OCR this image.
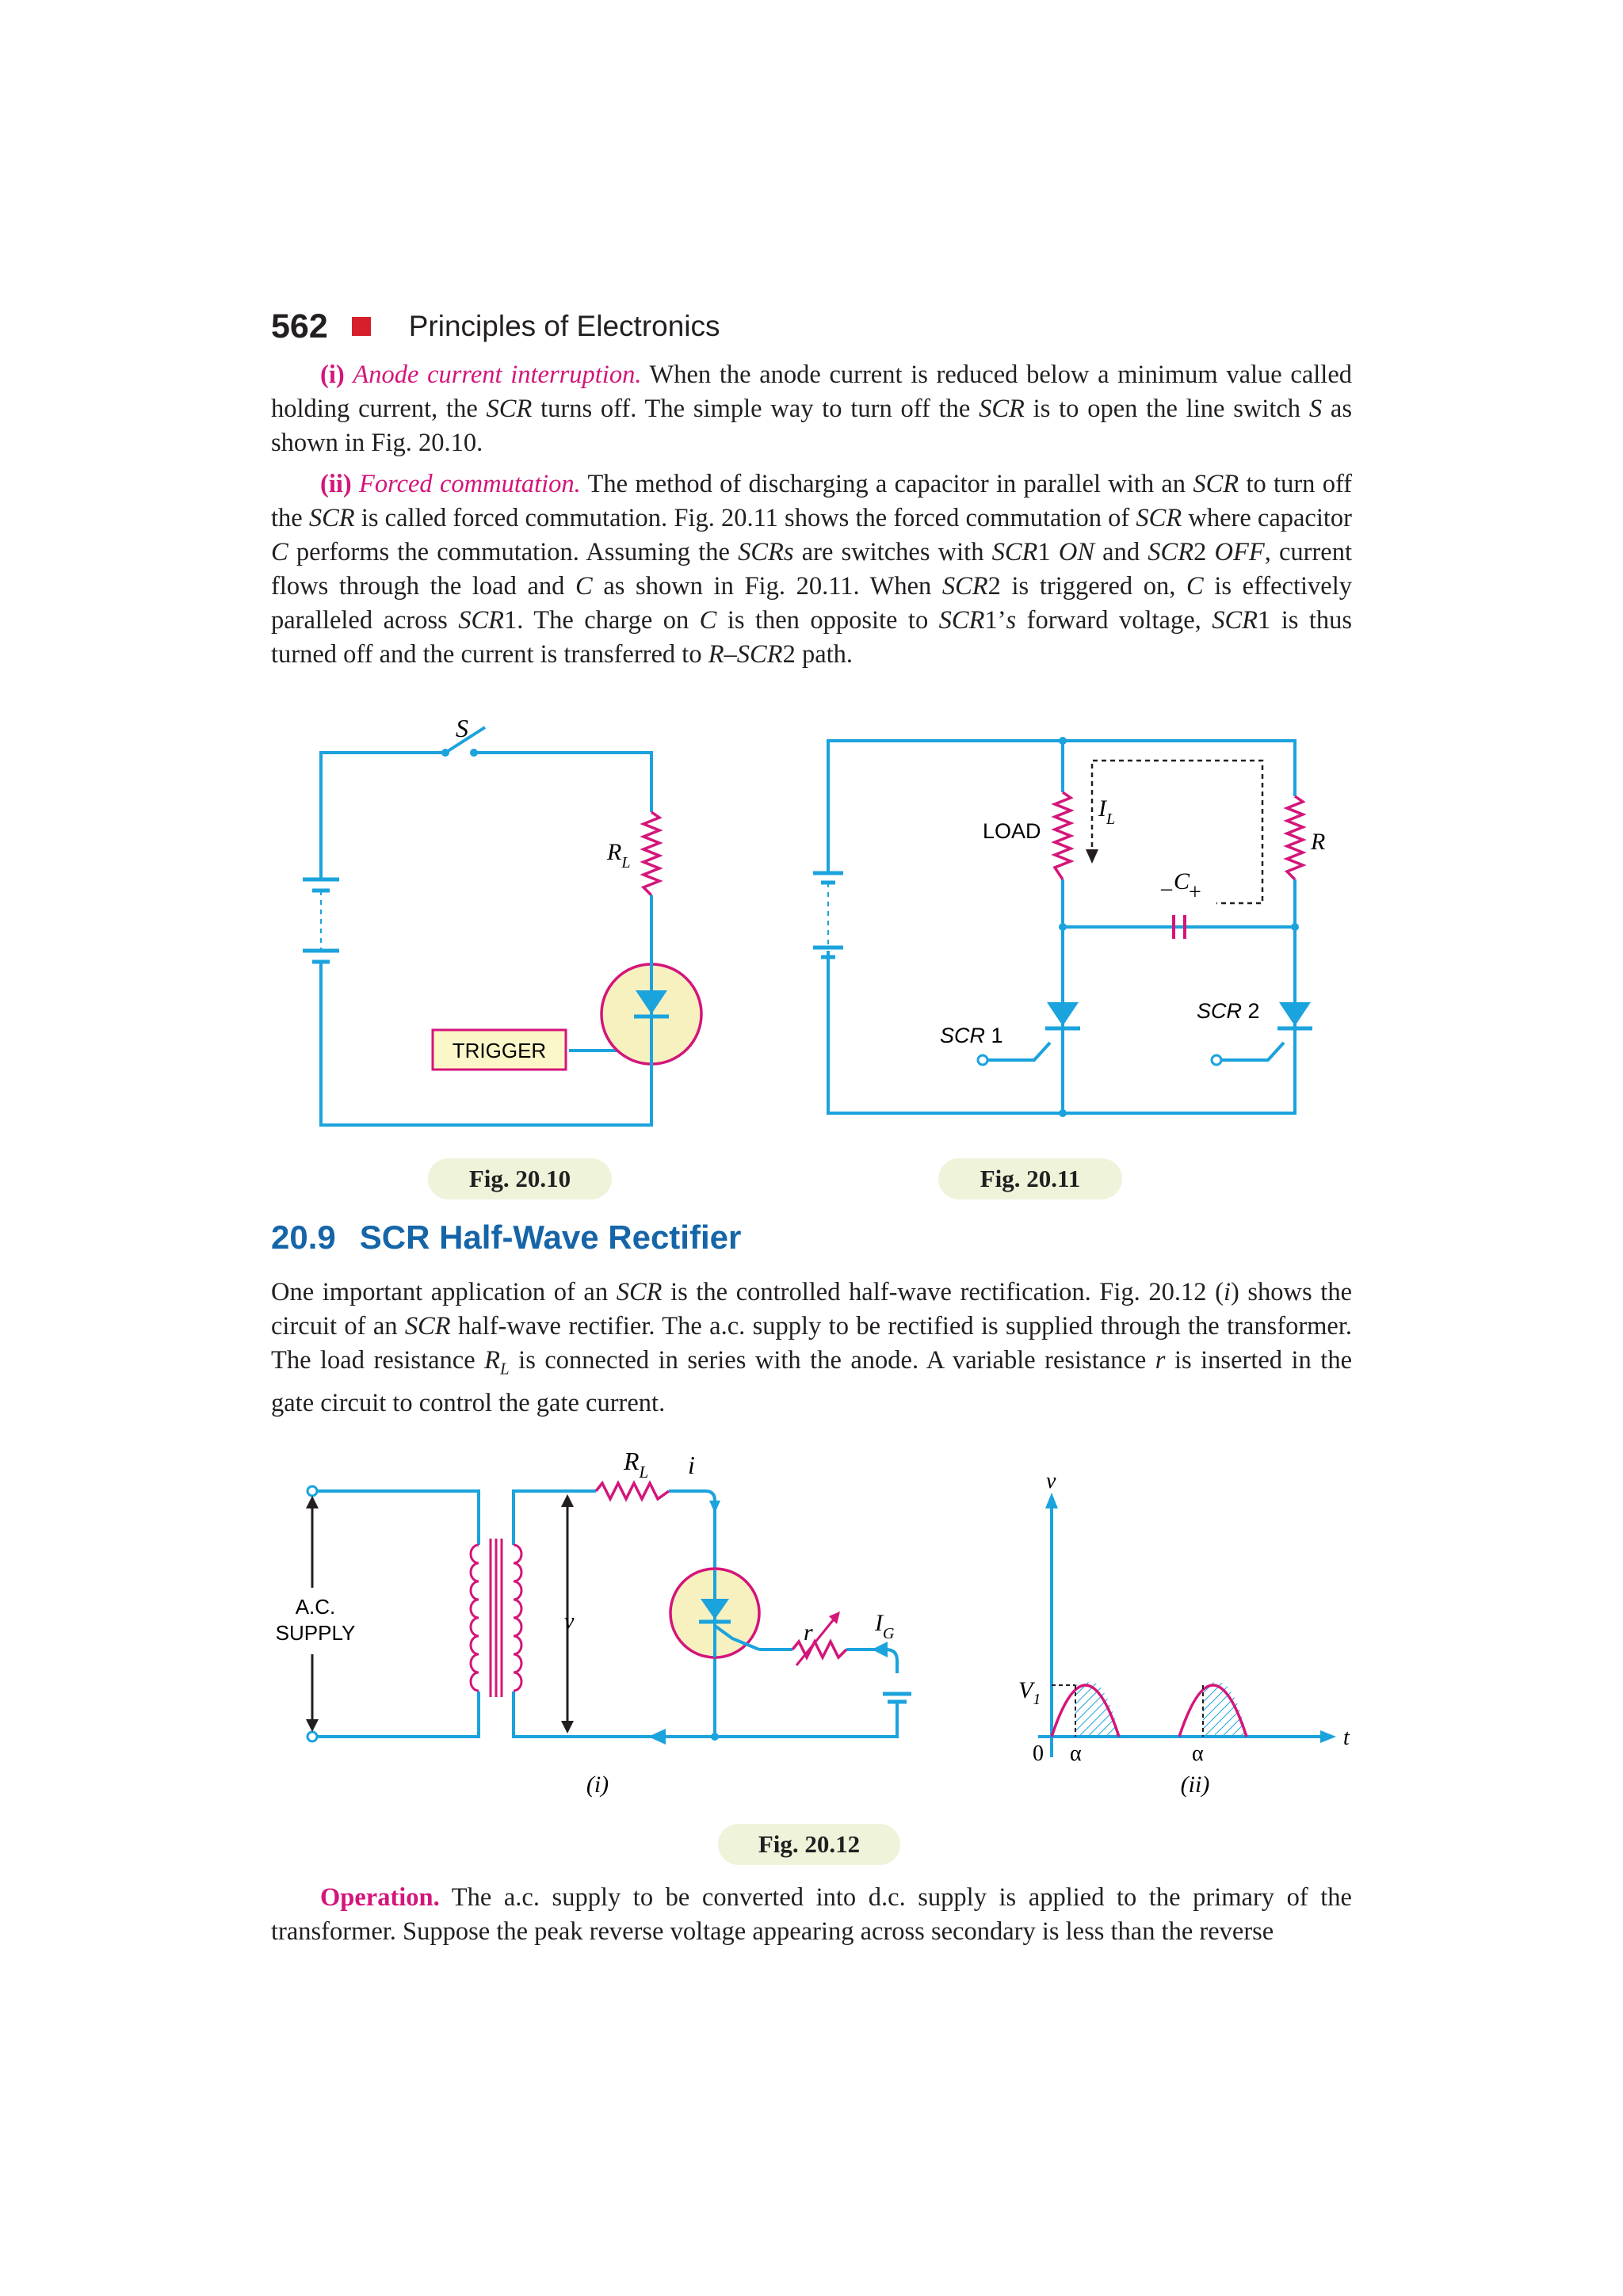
562	Principles of Electronics

(i) Anode current interruption. When the anode current is reduced below a minimum value called holding current, the SCR turns off. The simple way to turn off the SCR is to open the line switch S as shown in Fig. 20.10.

(ii) Forced commutation. The method of discharging a capacitor in parallel with an SCR to turn off the SCR is called forced commutation. Fig. 20.11 shows the forced commutation of SCR where capacitor C performs the commutation. Assuming the SCRs are switches with SCR1 ON and SCR2 OFF, current flows through the load and C as shown in Fig. 20.11. When SCR2 is triggered on, C is effectively paralleled across SCR1. The charge on C is then opposite to SCR1’s forward voltage, SCR1 is thus turned off and the current is transferred to R–SCR2 path.

S
$R_L$
TRIGGER
Fig. 20.10
LOAD
$I_L$
R
C
– +
SCR 1
SCR 2
Fig. 20.11
20.9 SCR Half-Wave Rectifier

One important application of an SCR is the controlled half-wave rectification. Fig. 20.12 (i) shows the circuit of an SCR half-wave rectifier. The a.c. supply to be rectified is supplied through the transformer. The load resistance $R_L$ is connected in series with the anode. A variable resistance r is inserted in the gate circuit to control the gate current.

A.C.
SUPPLY	v
$R_L$ i
r	$I_G$
(i)
v
t
$V_1$
0 α	α
(ii)
Fig. 20.12

Operation. The a.c. supply to be converted into d.c. supply is applied to the primary of the transformer. Suppose the peak reverse voltage appearing across secondary is less than the reverse
